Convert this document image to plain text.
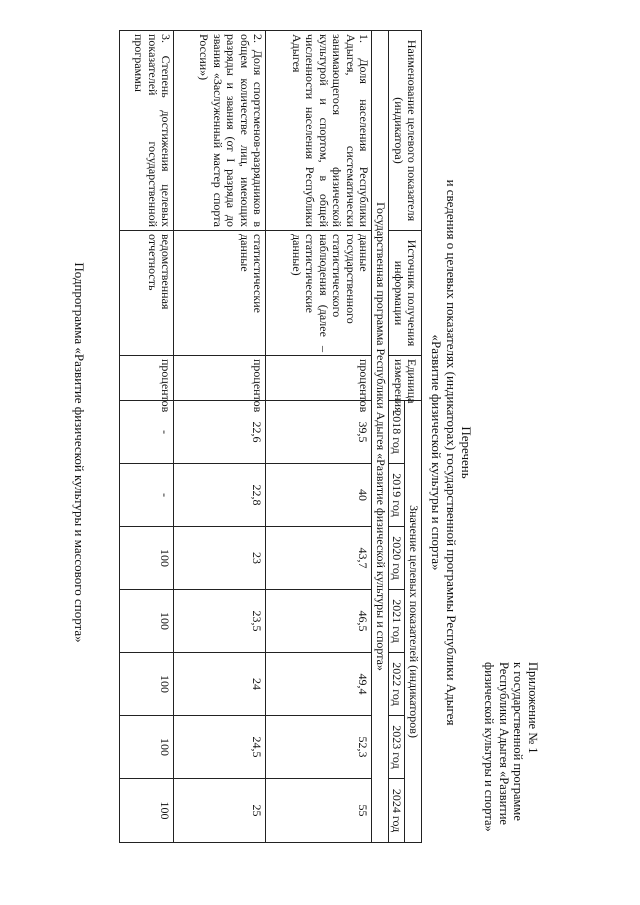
Приложение № 1
к государственной программе
Республики Адыгея «Развитие
физической культуры и спорта»
Перечень
и сведения о целевых показателях (индикаторах) государственной программы Республики Адыгея
«Развитие физической культуры и спорта»
Наименование целевого показателя (индикатора)	Источник получения информации	Единица измерения	Значение целевых показателей (индикаторов)						
			2018 год	2019 год	2020 год	2021 год	2022 год	2023 год	2024 год
Государственная программа Республики Адыгея «Развитие физической культуры и спорта»									
1. Доля населения Республики Адыгея, систематически занимающегося физической культурой и спортом, в общей численности населения Республики Адыгея	данные государственного статистического наблюдения (далее – статистические данные)	процентов	39,5	40	43,7	46,5	49,4	52,3	55
2. Доля спортсменов-разрядников в общем количестве лиц, имеющих разряды и звания (от I разряда до звания «Заслуженный мастер спорта России»)	статистические данные	процентов	22,6	22,8	23	23,5	24	24,5	25
3. Степень достижения целевых показателей государственной программы	ведомственная отчетность	процентов	-	-	100	100	100	100	100
Подпрограмма «Развитие физической культуры и массового спорта»
